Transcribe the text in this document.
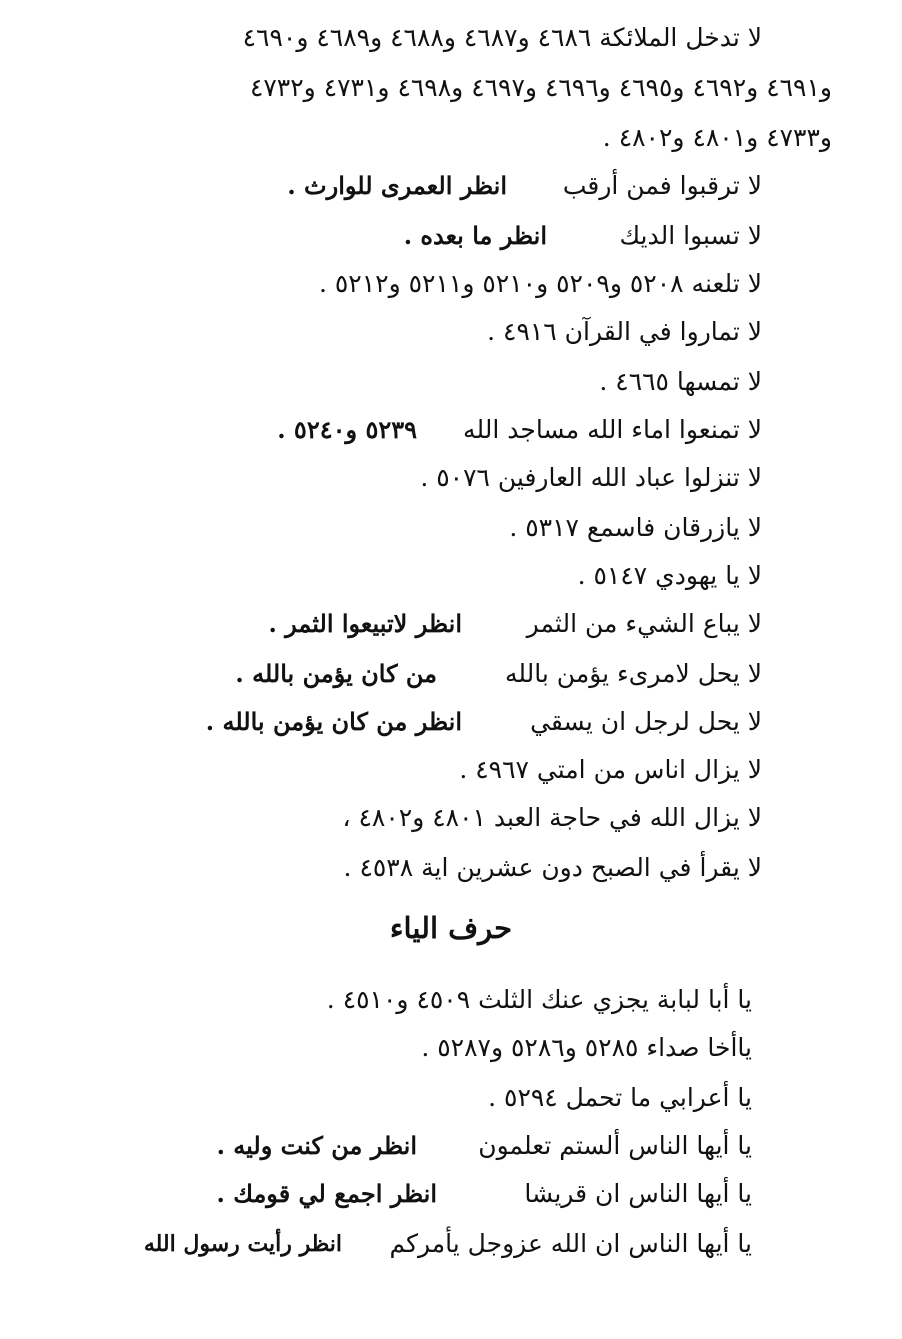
لا تدخل الملائكة ٤٦٨٦ و٤٦٨٧ و٤٦٨٨ و٤٦٨٩ و٤٦٩٠
و٤٦٩١ و٤٦٩٢ و٤٦٩٥ و٤٦٩٦ و٤٦٩٧ و٤٦٩٨ و٤٧٣١ و٤٧٣٢
و٤٧٣٣ و٤٨٠١ و٤٨٠٢ .
لا ترقبوا فمن أرقب
انظر العمرى للوارث .
لا تسبوا الديك
انظر ما بعده .
لا تلعنه ٥٢٠٨ و٥٢٠٩ و٥٢١٠ و٥٢١١ و٥٢١٢ .
لا تماروا في القرآن ٤٩١٦ .
لا تمسها ٤٦٦٥ .
لا تمنعوا اماء الله مساجد الله
٥٢٣٩ و٥٢٤٠ .
لا تنزلوا عباد الله العارفين ٥٠٧٦ .
لا يازرقان فاسمع ٥٣١٧ .
لا يا يهودي ٥١٤٧ .
لا يباع الشيء من الثمر
انظر لاتبيعوا الثمر .
لا يحل لامرىء يؤمن بالله
من كان يؤمن بالله .
لا يحل لرجل ان يسقي
انظر من كان يؤمن بالله .
لا يزال اناس من امتي ٤٩٦٧ .
لا يزال الله في حاجة العبد ٤٨٠١ و٤٨٠٢ ،
لا يقرأ في الصبح دون عشرين اية ٤٥٣٨ .
حرف الياء
يا أبا لبابة يجزي عنك الثلث ٤٥٠٩ و٤٥١٠ .
ياأخا صداء ٥٢٨٥ و٥٢٨٦ و٥٢٨٧ .
يا أعرابي ما تحمل ٥٢٩٤ .
يا أيها الناس ألستم تعلمون
انظر من كنت وليه .
يا أيها الناس ان قريشا
انظر اجمع لي قومك .
يا أيها الناس ان الله عزوجل يأمركم
انظر رأيت رسول الله
